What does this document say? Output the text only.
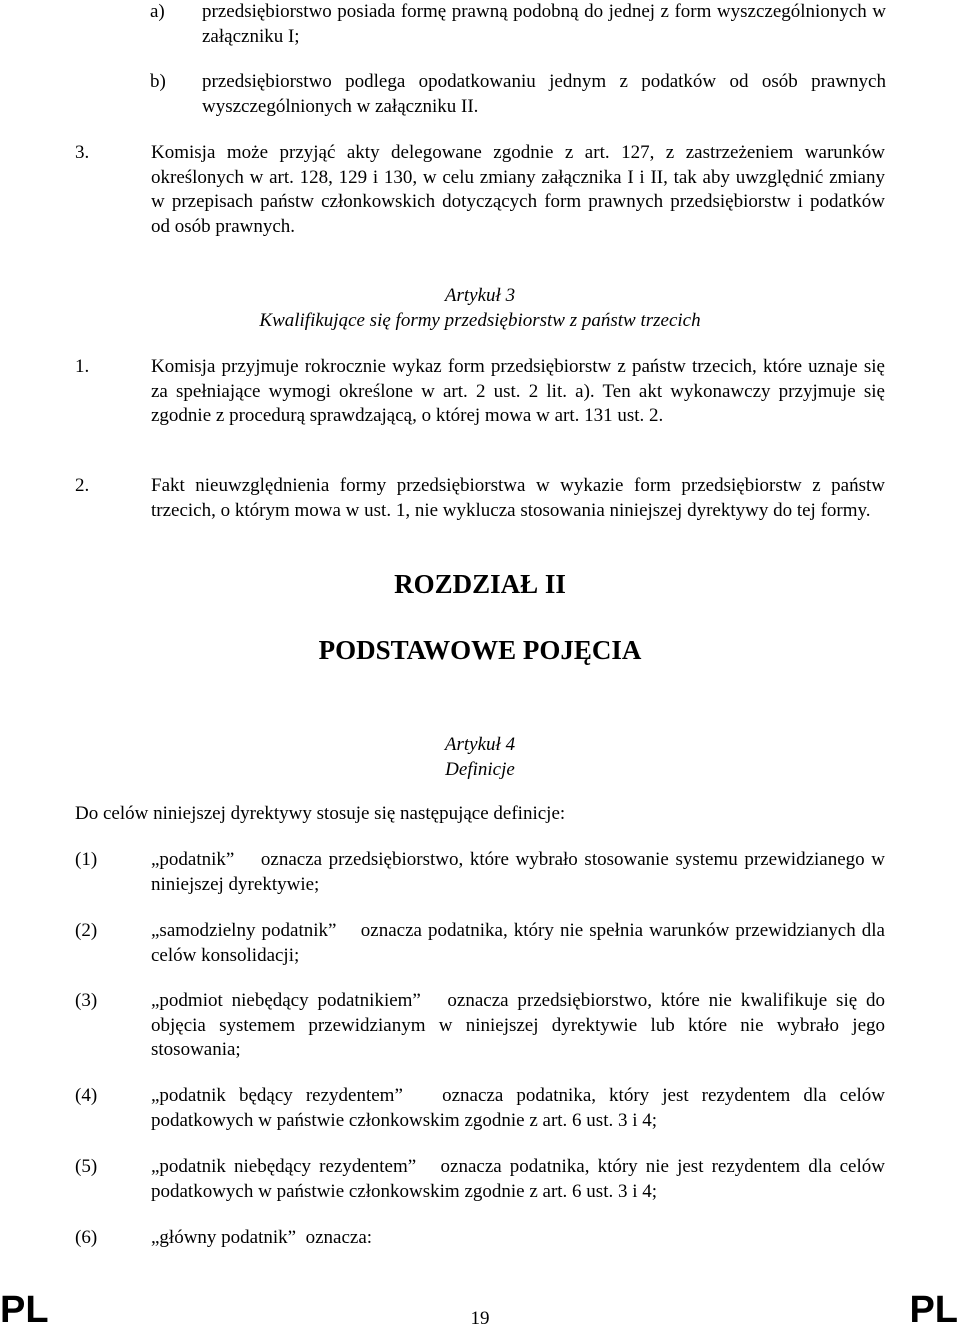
a) przedsiębiorstwo posiada formę prawną podobną do jednej z form wyszczególnionych w załączniku I;
b) przedsiębiorstwo podlega opodatkowaniu jednym z podatków od osób prawnych wyszczególnionych w załączniku II.
3.	Komisja może przyjąć akty delegowane zgodnie z art. 127, z zastrzeżeniem warunków określonych w art. 128, 129 i 130, w celu zmiany załącznika I i II, tak aby uwzględnić zmiany w przepisach państw członkowskich dotyczących form prawnych przedsiębiorstw i podatków od osób prawnych.
Artykuł 3
Kwalifikujące się formy przedsiębiorstw z państw trzecich
1.	Komisja przyjmuje rokrocznie wykaz form przedsiębiorstw z państw trzecich, które uznaje się za spełniające wymogi określone w art. 2 ust. 2 lit. a). Ten akt wykonawczy przyjmuje się zgodnie z procedurą sprawdzającą, o której mowa w art. 131 ust. 2.
2.	Fakt nieuwzględnienia formy przedsiębiorstwa w wykazie form przedsiębiorstw z państw trzecich, o którym mowa w ust. 1, nie wyklucza stosowania niniejszej dyrektywy do tej formy.
ROZDZIAŁ II
PODSTAWOWE POJĘCIA
Artykuł 4
Definicje
Do celów niniejszej dyrektywy stosuje się następujące definicje:
(1)	„podatnik” oznacza przedsiębiorstwo, które wybrało stosowanie systemu przewidzianego w niniejszej dyrektywie;
(2)	„samodzielny podatnik” oznacza podatnika, który nie spełnia warunków przewidzianych dla celów konsolidacji;
(3)	„podmiot niebędący podatnikiem” oznacza przedsiębiorstwo, które nie kwalifikuje się do objęcia systemem przewidzianym w niniejszej dyrektywie lub które nie wybrało jego stosowania;
(4)	„podatnik będący rezydentem” oznacza podatnika, który jest rezydentem dla celów podatkowych w państwie członkowskim zgodnie z art. 6 ust. 3 i 4;
(5)	„podatnik niebędący rezydentem” oznacza podatnika, który nie jest rezydentem dla celów podatkowych w państwie członkowskim zgodnie z art. 6 ust. 3 i 4;
(6)	„główny podatnik” oznacza:
PL	19	PL
